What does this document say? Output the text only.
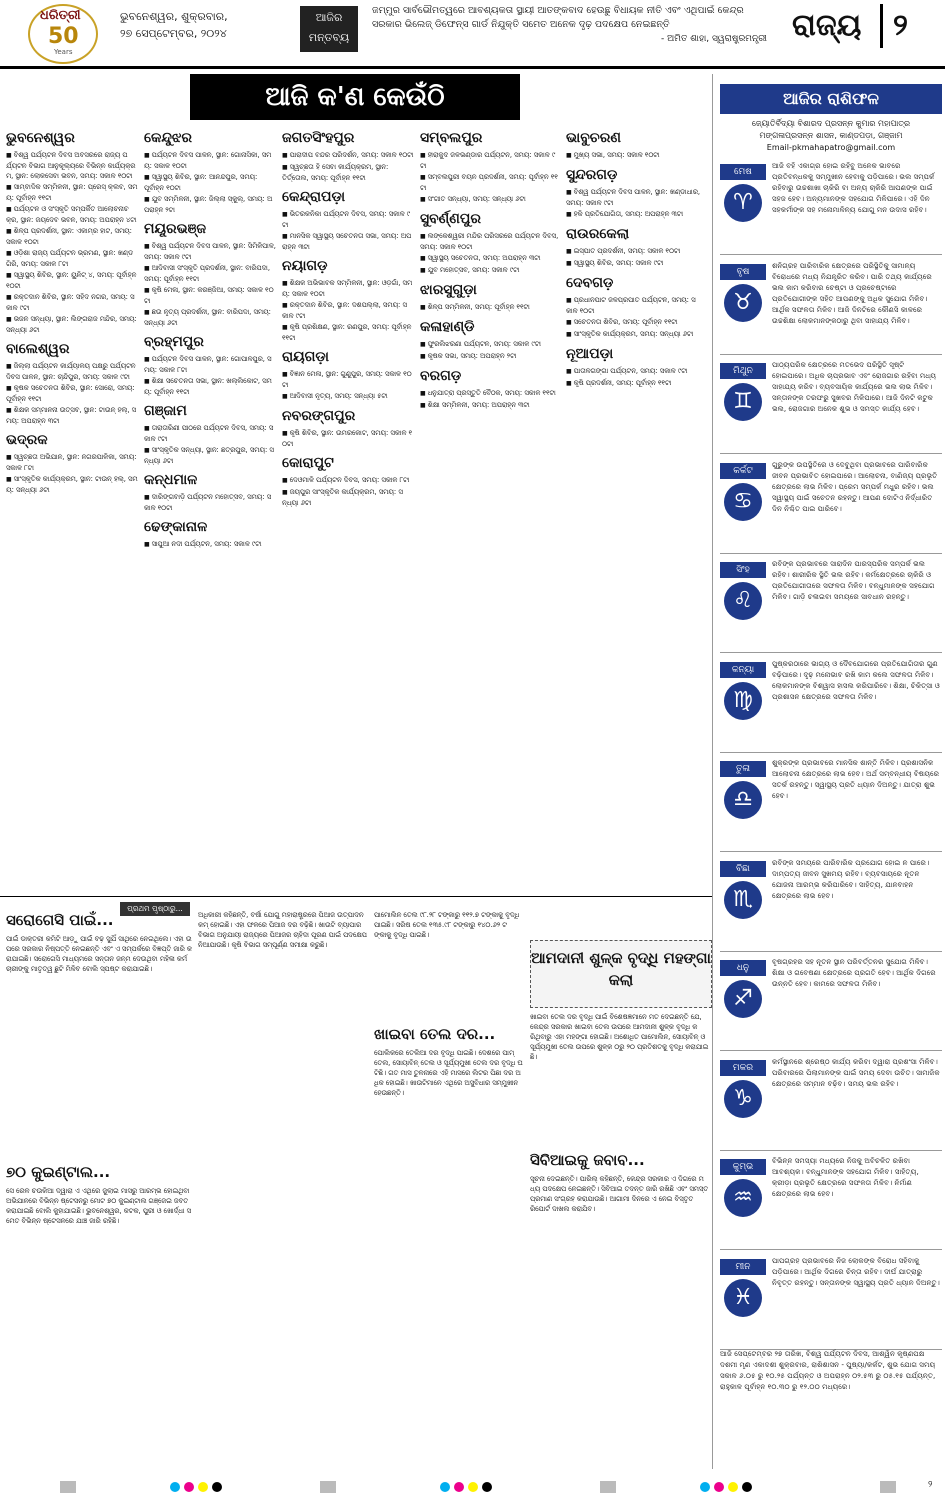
ଧରିତ୍ରୀ
50
Years
ଭୁବନେଶ୍ୱର, ଶୁକ୍ରବାର,
୨୭ ସେପ୍ଟେମ୍ବର, ୨୦୨୪
ଆଜିର ମନ୍ତବ୍ୟ
ଜମ୍ମୁର ସାର୍ବଭୌମତ୍ୱରେ ଆବଶ୍ୟକତା ସ୍ଥାୟୀ ଆତଙ୍କବାଦ ହେଉଛୁ ବିଧାୟକ ନୀତି ଏବଂ ଏଥିପାଇଁ କେନ୍ଦ୍ର ସରକାର ଭିଲେଜ୍ ଡିଫେନ୍ସ ଗାର୍ଡ ନିଯୁକ୍ତି ସମେତ ଅନେକ ଦୃଢ଼ ପଦକ୍ଷେପ ନେଇଛନ୍ତି
- ଅମିତ ଶାହା, ସ୍ୱରାଷ୍ଟ୍ରମନ୍ତ୍ରୀ ରାଜ୍ୟ	୨
ଆଜି କ'ଣ କେଉଁଠି	ଆଜିର ରାଶିଫଳ
ଜ୍ୟୋତିର୍ବିଦ୍ୟା ବିଶାରଦ ପ୍ରସନ୍ନ କୁମାର ମହାପାତ୍ର
ମଙ୍ଗଳାପ୍ରସନ୍ନ ଶାସନ, କାଣ୍ଡପଡ଼ା, ଗଞ୍ଜାମ
Email-pkmahapatro@gmail.com
ଭୁବନେଶ୍ୱର
■ ବିଶ୍ୱ ପର୍ଯ୍ୟଟନ ଦିବସ ଅବସରରେ ରାଜ୍ୟ ପର୍ଯ୍ୟଟନ ବିଭାଗ ଆନୁକୂଲ୍ୟରେ ବିଭିନ୍ନ କାର୍ଯ୍ୟକ୍ରମ, ସ୍ଥାନ: ଲୋକସେବା ଭବନ, ସମୟ: ସକାଳ ୧୦ଟା
■ ସାମ୍ବାଦିକ ସମ୍ମିଳନୀ, ସ୍ଥାନ: ପ୍ରେସ୍ କ୍ଲବ, ସମୟ: ପୂର୍ବାହ୍ନ ୧୧ଟା
■ ପର୍ଯ୍ୟଟନ ଓ ସଂସ୍କୃତି ସମ୍ପର୍କିତ ଆଲୋଚନାଚକ୍ର, ସ୍ଥାନ: ଜୟଦେବ ଭବନ, ସମୟ: ଅପରାହ୍ନ ୪ଟା
■ ଶିଳ୍ପ ପ୍ରଦର୍ଶନୀ, ସ୍ଥାନ: ଏକାମ୍ର ହାଟ, ସମୟ: ସକାଳ ୧୦ଟା
■ ଓଡ଼ିଶା ରାଜ୍ୟ ପର୍ଯ୍ୟଟନ ଭ୍ରମଣ, ସ୍ଥାନ: ଖଣ୍ଡଗିରି, ସମୟ: ସକାଳ ୮ଟା
■ ସ୍ୱାସ୍ଥ୍ୟ ଶିବିର, ସ୍ଥାନ: ୟୁନିଟ୍ ୪, ସମୟ: ପୂର୍ବାହ୍ନ ୧୦ଟା
■ ରକ୍ତଦାନ ଶିବିର, ସ୍ଥାନ: ସହିଦ ନଗର, ସମୟ: ସକାଳ ୯ଟା
■ ଭଜନ ସନ୍ଧ୍ୟା, ସ୍ଥାନ: ଲିଙ୍ଗରାଜ ମନ୍ଦିର, ସମୟ: ସନ୍ଧ୍ୟା ୬ଟା
ବାଲେଶ୍ୱର
■ ଜିଲ୍ଲା ପର୍ଯ୍ୟଟନ କାର୍ଯ୍ୟାଳୟ ପକ୍ଷରୁ ପର୍ଯ୍ୟଟନ ଦିବସ ପାଳନ, ସ୍ଥାନ: ଚାନ୍ଦିପୁର, ସମୟ: ସକାଳ ୯ଟା
■ କୃଷକ ସଚେତନତା ଶିବିର, ସ୍ଥାନ: ସୋରୋ, ସମୟ: ପୂର୍ବାହ୍ନ ୧୧ଟା
■ ଶିକ୍ଷକ ସମ୍ମାନନା ଉତ୍ସବ, ସ୍ଥାନ: ଟାଉନ୍ ହଲ୍, ସମୟ: ଅପରାହ୍ନ ୩ଟା
ଭଦ୍ରକ
■ ସ୍ୱଚ୍ଛତା ଅଭିଯାନ, ସ୍ଥାନ: ନଗରପାଳିକା, ସମୟ: ସକାଳ ୮ଟା
■ ସାଂସ୍କୃତିକ କାର୍ଯ୍ୟକ୍ରମ, ସ୍ଥାନ: ଟାଉନ୍ ହଲ୍, ସମୟ: ସନ୍ଧ୍ୟା ୬ଟା
କେନ୍ଦୁଝର
■ ପର୍ଯ୍ୟଟନ ଦିବସ ପାଳନ, ସ୍ଥାନ: ଗୋନାସିକା, ସମୟ: ସକାଳ ୧୦ଟା
■ ସ୍ୱାସ୍ଥ୍ୟ ଶିବିର, ସ୍ଥାନ: ଆନନ୍ଦପୁର, ସମୟ: ପୂର୍ବାହ୍ନ ୧୦ଟା
■ ଯୁବ ସମ୍ମିଳନୀ, ସ୍ଥାନ: ଜିଲ୍ଲା ସ୍କୁଲ୍, ସମୟ: ଅପରାହ୍ନ ୨ଟା
ମୟୂରଭଞ୍ଜ
■ ବିଶ୍ୱ ପର୍ଯ୍ୟଟନ ଦିବସ ପାଳନ, ସ୍ଥାନ: ସିମିଳିପାଳ, ସମୟ: ସକାଳ ୯ଟା
■ ଆଦିବାସୀ ସଂସ୍କୃତି ପ୍ରଦର୍ଶନୀ, ସ୍ଥାନ: ବାରିପଦା, ସମୟ: ପୂର୍ବାହ୍ନ ୧୧ଟା
■ କୃଷି ମେଳା, ସ୍ଥାନ: କରଞ୍ଜିଆ, ସମୟ: ସକାଳ ୧୦ଟା
■ ଛଉ ନୃତ୍ୟ ପ୍ରଦର୍ଶନୀ, ସ୍ଥାନ: ବାରିପଦା, ସମୟ: ସନ୍ଧ୍ୟା ୬ଟା
ବ୍ରହ୍ମପୁର
■ ପର୍ଯ୍ୟଟନ ଦିବସ ପାଳନ, ସ୍ଥାନ: ଗୋପାଳପୁର, ସମୟ: ସକାଳ ୮ଟା
■ ଶିକ୍ଷା ସଚେତନତା ସଭା, ସ୍ଥାନ: ଖଲ୍ଲିକୋଟ, ସମୟ: ପୂର୍ବାହ୍ନ ୧୧ଟା
ଗଞ୍ଜାମ
■ ତାରାତାରିଣୀ ପୀଠରେ ପର୍ଯ୍ୟଟନ ଦିବସ, ସମୟ: ସକାଳ ୯ଟା
■ ସାଂସ୍କୃତିକ ସନ୍ଧ୍ୟା, ସ୍ଥାନ: ଛତ୍ରପୁର, ସମୟ: ସନ୍ଧ୍ୟା ୬ଟା
କନ୍ଧମାଳ
■ ଦାରିଙ୍ଗବାଡ଼ି ପର୍ଯ୍ୟଟନ ମହୋତ୍ସବ, ସମୟ: ସକାଳ ୧୦ଟା
ଢେଙ୍କାନାଳ
■ ସାପୁଆ ନଦୀ ପର୍ଯ୍ୟଟନ, ସମୟ: ସକାଳ ୯ଟା
ଜଗତସିଂହପୁର
■ ପାରାଦୀପ ବନ୍ଦର ପରିଦର୍ଶନ, ସମୟ: ସକାଳ ୧୦ଟା
■ ସ୍ୱଚ୍ଛତା ହି ସେବା କାର୍ଯ୍ୟକ୍ରମ, ସ୍ଥାନ: ତିର୍ତ୍ତୋଲ, ସମୟ: ପୂର୍ବାହ୍ନ ୧୧ଟା
କେନ୍ଦ୍ରାପଡ଼ା
■ ଭିତରକନିକା ପର୍ଯ୍ୟଟନ ଦିବସ, ସମୟ: ସକାଳ ୯ଟା
■ ମାନସିକ ସ୍ୱାସ୍ଥ୍ୟ ସଚେତନତା ସଭା, ସମୟ: ଅପରାହ୍ନ ୩ଟା
ନୟାଗଡ଼
■ ଶିକ୍ଷକ ଅଭିଭାବକ ସମ୍ମିଳନୀ, ସ୍ଥାନ: ଓଡ଼ଗାଁ, ସମୟ: ସକାଳ ୧୦ଟା
■ ରକ୍ତଦାନ ଶିବିର, ସ୍ଥାନ: ଦଶପଲ୍ଲା, ସମୟ: ସକାଳ ୯ଟା
■ କୃଷି ପ୍ରଶିକ୍ଷଣ, ସ୍ଥାନ: ରଣପୁର, ସମୟ: ପୂର୍ବାହ୍ନ ୧୧ଟା
ରାୟଗଡ଼ା
■ ବିଜ୍ଞାନ ମେଳା, ସ୍ଥାନ: ଗୁଣୁପୁର, ସମୟ: ସକାଳ ୧୦ଟା
■ ଆଦିବାସୀ ନୃତ୍ୟ, ସମୟ: ସନ୍ଧ୍ୟା ୫ଟା
ନବରଙ୍ଗପୁର
■ କୃଷି ଶିବିର, ସ୍ଥାନ: ଉମରକୋଟ, ସମୟ: ସକାଳ ୧୦ଟା
କୋରାପୁଟ
■ ଦେଓମାଳି ପର୍ଯ୍ୟଟନ ଦିବସ, ସମୟ: ସକାଳ ୮ଟା
■ ଜୟପୁର ସାଂସ୍କୃତିକ କାର୍ଯ୍ୟକ୍ରମ, ସମୟ: ସନ୍ଧ୍ୟା ୬ଟା
ସମ୍ବଲପୁର
■ ହୀରାକୁଦ ଜଳଭଣ୍ଡାର ପର୍ଯ୍ୟଟନ, ସମୟ: ସକାଳ ୯ଟା
■ ସମ୍ବଲପୁରୀ ବୟନ ପ୍ରଦର୍ଶନୀ, ସମୟ: ପୂର୍ବାହ୍ନ ୧୧ଟା
■ ସଂଗୀତ ସନ୍ଧ୍ୟା, ସମୟ: ସନ୍ଧ୍ୟା ୬ଟା
ସୁବର୍ଣ୍ଣପୁର
■ ଲଙ୍କେଶ୍ୱରୀ ମନ୍ଦିର ପରିସରରେ ପର୍ଯ୍ୟଟନ ଦିବସ, ସମୟ: ସକାଳ ୧୦ଟା
■ ସ୍ୱାସ୍ଥ୍ୟ ସଚେତନତା, ସମୟ: ଅପରାହ୍ନ ୩ଟା
■ ଯୁବ ମହୋତ୍ସବ, ସମୟ: ସକାଳ ୯ଟା
ଝାରସୁଗୁଡ଼ା
■ ଶିଳ୍ପ ସମ୍ମିଳନୀ, ସମୟ: ପୂର୍ବାହ୍ନ ୧୧ଟା
କଳାହାଣ୍ଡି
■ ଫୁରଲିଝରଣା ପର୍ଯ୍ୟଟନ, ସମୟ: ସକାଳ ୯ଟା
■ କୃଷକ ସଭା, ସମୟ: ଅପରାହ୍ନ ୨ଟା
ବରଗଡ଼
■ ଧନୁଯାତ୍ରା ପ୍ରସ୍ତୁତି ବୈଠକ, ସମୟ: ସକାଳ ୧୧ଟା
■ ଶିକ୍ଷା ସମ୍ମିଳନୀ, ସମୟ: ଅପରାହ୍ନ ୩ଟା
ଭାବୁଚରଣ
■ ମୁଖ୍ୟ ସଭା, ସମୟ: ସକାଳ ୧୦ଟା
ସୁନ୍ଦରଗଡ଼
■ ବିଶ୍ୱ ପର୍ଯ୍ୟଟନ ଦିବସ ପାଳନ, ସ୍ଥାନ: ଖଣ୍ଡାଧାର, ସମୟ: ସକାଳ ୯ଟା
■ ହକି ପ୍ରତିଯୋଗିତା, ସମୟ: ଅପରାହ୍ନ ୩ଟା
ରାଉରକେଲା
■ ଇସ୍ପାତ ପ୍ରଦର୍ଶନୀ, ସମୟ: ସକାଳ ୧୦ଟା
■ ସ୍ୱାସ୍ଥ୍ୟ ଶିବିର, ସମୟ: ସକାଳ ୯ଟା
ଦେବଗଡ଼
■ ପ୍ରଧାନପାଟ ଜଳପ୍ରପାତ ପର୍ଯ୍ୟଟନ, ସମୟ: ସକାଳ ୧୦ଟା
■ ସଚେତନତା ଶିବିର, ସମୟ: ପୂର୍ବାହ୍ନ ୧୧ଟା
■ ସାଂସ୍କୃତିକ କାର୍ଯ୍ୟକ୍ରମ, ସମୟ: ସନ୍ଧ୍ୟା ୬ଟା
ନୂଆପଡ଼ା
■ ପାତାଳଗଙ୍ଗା ପର୍ଯ୍ୟଟନ, ସମୟ: ସକାଳ ୯ଟା
■ କୃଷି ପ୍ରଦର୍ଶନୀ, ସମୟ: ପୂର୍ବାହ୍ନ ୧୧ଟା
ମେଷ
♈
ଆଜି ବହି ଏକାଗ୍ର ହୋଇ ରହିବୁ ଅନେକ ଭାବରେ ପ୍ରତିବନ୍ଧକକୁ ସମ୍ମୁଖୀନ ହେବାକୁ ପଡ଼ିପାରେ। ଭଲ ସମ୍ପର୍କ ରହିବାରୁ ଉଚ୍ଚଶାଖା ଚାକିରି ବା ଅନ୍ୟ ଚାକିରି ଆପଣଙ୍କ ପାଇଁ ସହଜ ହେବ। ଅନ୍ୟମାନଙ୍କ ସହଯୋଗ ମିଳିପାରେ। ଏହି ଦିନ ସହକର୍ମୀଙ୍କ ସହ ମନୋମାଳିନ୍ୟ ଯୋଗୁ ମନ ଉଦାସ ରହିବ।
ବୃଷ
♉
ଶନିଗ୍ରହ ପାରିବାରିକ କ୍ଷେତ୍ରରେ ପରିସ୍ଥିତିକୁ ସାମାନ୍ୟ ବିରୋଧରେ ମଧ୍ୟ ନିଯନ୍ତ୍ରିତ କରିବ। ପାରି ତଥ୍ୟ କାର୍ଯ୍ୟରେ ଭଲ କାମ କରିବାର ଚେଷ୍ଟା ଓ ପ୍ରଚେଷ୍ଟାରେ ପ୍ରତିଯୋଗୀଙ୍କ ସହିତ ଆପଣଙ୍କୁ ଅଧିକ ସୁଯୋଗ ମିଳିବ। ଆର୍ଥିକ ସଫଳତା ମିଳିବ। ଆଜି ଦିନଟିରେ କୌଣସି କାଳରେ ଉଚ୍ଚଶିକ୍ଷା ଲୋକମାନଙ୍କଠାରୁ ଥିବା ସାହାଯ୍ୟ ମିଳିବ।
ମିଥୁନ
♊
ପାଠ୍ୟପରିକ କ୍ଷେତ୍ରରେ ମତଭେଦ ପରିସ୍ଥିତି ସୃଷ୍ଟି ହୋଇପାରେ। ଅଧିକ ଚାପ୍ରଭାବ ଏବଂ ରୋଜଗାର ରହିବା ମଧ୍ୟ ସାହାଯ୍ୟ କରିବ। ବ୍ୟବସାୟିକ କାର୍ଯ୍ୟରେ ଭଲ ଲାଭ ମିଳିବ। ସନ୍ତାନଙ୍କ ତରଫରୁ ସୁଖବର ମିଳିପାରେ। ଆଜି ଦିନଟି କଟୁକ ଭଲ, ରୋଜଗାର ଅନେକ ଶୁଭ ଓ ସମସ୍ତ କାର୍ଯ୍ୟ ହେବ।
କର୍କଟ
♋
ଗୁରୁଙ୍କ ଉପସ୍ଥିତିରେ ଓ ଦେବୁଥିବା ପ୍ରଭାବରେ ପାରିବାରିକ ଜୀବନ ପ୍ରଭାବିତ ହୋଇପାରେ। ଆଲୋଚନା, ବାଣିଜ୍ୟ ପ୍ରଭୃତି କ୍ଷେତ୍ରରେ ଲାଭ ମିଳିବ। ପ୍ରେମ ସମ୍ପର୍କ ମଧୁର ରହିବ। ଭଲ ସ୍ୱାସ୍ଥ୍ୟ ପାଇଁ ସଚେତନ ରହନ୍ତୁ। ଆପଣ ଦୋଟିଏ ନିର୍ଦ୍ଧାରିତ ଦିନ ନିଶ୍ଚିତ ପାଇ ପାରିବେ।
ସିଂହ
♌
ରବିଙ୍କ ପ୍ରଭାବରେ ସାରାଦିନ ପାରସ୍ପରିକ ସମ୍ପର୍କ ଭଲ ରହିବ। ଶାରୀରିକ ସ୍ଥିତି ଭଲ ରହିବ। କର୍ମକ୍ଷେତ୍ରରେ ଚାକିରି ଓ ପ୍ରତିଯୋଗୀତାରେ ସଫଳତା ମିଳିବ। ବନ୍ଧୁମାନଙ୍କ ସହଯୋଗ ମିଳିବ। ଗାଡ଼ି ଚଳାଇବା ସମୟରେ ସାବଧାନ ରହନ୍ତୁ।
କନ୍ୟା
♍
ପୁଷ୍କରଠାରେ ଭାଗ୍ୟ ଓ ଦୈବଯୋଗରେ ପ୍ରତିଯୋଗିତାର ଗୁଣ ବଢ଼ିପାରେ। ଦୃଢ଼ ମନୋଭାବ ରଖି କାମ କଲେ ସଫଳତା ମିଳିବ। ଲୋକମାନଙ୍କ ବିଶ୍ୱାସ ହାସଲ କରିପାରିବେ। ଶିକ୍ଷା, ଚିକିତ୍ସା ଓ ପ୍ରଶାସନ କ୍ଷେତ୍ରରେ ସଫଳତା ମିଳିବ।
ତୁଳା
♎
ଶୁକ୍ରଙ୍କ ପ୍ରଭାବରେ ମାନସିକ ଶାନ୍ତି ମିଳିବ। ପ୍ରଶାସନିକ ଆଲୋଚନା କ୍ଷେତ୍ରରେ ଲାଭ ହେବ। ଅର୍ଥ ସମ୍ବନ୍ଧୀୟ ବିଷୟରେ ସତର୍କ ରହନ୍ତୁ। ସ୍ୱାସ୍ଥ୍ୟ ପ୍ରତି ଧ୍ୟାନ ଦିଅନ୍ତୁ। ଯାତ୍ରା ଶୁଭ ହେବ।
ବିଛା
♏
ରବିଙ୍କ ସମୟରେ ପାରିବାରିକ ପ୍ରଯୋଗ ହୋଇ ନ ପାରେ। ଦାମ୍ପତ୍ୟ ଜୀବନ ସୁଖମୟ ରହିବ। ବ୍ୟବସାୟରେ ନୂତନ ଯୋଜନା ଆରମ୍ଭ କରିପାରିବେ। ସାହିତ୍ୟ, ଯାନବାହନ କ୍ଷେତ୍ରରେ ଲାଭ ହେବ।
ଧନୁ
♐
ବୃଷଗ୍ରହର ସହ ନୂତନ ସ୍ଥାନ ପରିବର୍ତ୍ତନର ସୁଯୋଗ ମିଳିବ। ଶିକ୍ଷା ଓ ଗବେଷଣା କ୍ଷେତ୍ରରେ ପ୍ରଗତି ହେବ। ଆର୍ଥିକ ଦିଗରେ ଉନ୍ନତି ହେବ। କାମରେ ସଫଳତା ମିଳିବ।
ମକର
♑
କର୍ମସ୍ଥାନରେ ଶ୍ରେଷ୍ଠ କାର୍ଯ୍ୟ କରିବା ଦ୍ୱାରା ପ୍ରଶଂସା ମିଳିବ। ପରିବାରରେ ପିଲାମାନଙ୍କ ପାଇଁ ସମୟ ଦେବା ଉଚିତ। ସାମାଜିକ କ୍ଷେତ୍ରରେ ସମ୍ମାନ ବଢ଼ିବ। ସମୟ ଭଲ ରହିବ।
କୁମ୍ଭ
♒
ବିଭିନ୍ନ ସମସ୍ୟା ମଧ୍ୟରେ ନିଜକୁ ଅବିଚଳିତ ରଖିବା ଆବଶ୍ୟକ। ବନ୍ଧୁମାନଙ୍କ ସହଯୋଗ ମିଳିବ। ସାହିତ୍ୟ, କ୍ରୀଡ଼ା ପ୍ରଭୃତି କ୍ଷେତ୍ରରେ ସଫଳତା ମିଳିବ। ନିର୍ମାଣ କ୍ଷେତ୍ରରେ ଲାଭ ହେବ।
ମୀନ
♓
ପାପଗ୍ରହ ପ୍ରଭାବରେ ନିଜ ଲୋକଙ୍କ ବିରୋଧ ସହିବାକୁ ପଡ଼ିପାରେ। ଆର୍ଥିକ ଦିଗରେ ଚିନ୍ତା ରହିବ। ଦୀର୍ଘ ଯାତ୍ରାରୁ ନିବୃତ୍ତ ରହନ୍ତୁ। ସନ୍ତାନଙ୍କ ସ୍ୱାସ୍ଥ୍ୟ ପ୍ରତି ଧ୍ୟାନ ଦିଅନ୍ତୁ।
ଆଜି ସେପ୍ଟେମ୍ବର ୨୭ ତାରିଖ, ବିଶ୍ୱ ପର୍ଯ୍ୟଟନ ଦିବସ, ଆଶ୍ୱିନ କୃଷ୍ଣପକ୍ଷ ଦଶମୀ ମୃଣ ଏକାଦଶୀ ଶୁକ୍ରବାର, ରାଶିଶାସନ - ପୁଷ୍ୟା/କର୍କଟ, ଶୁଭ ଯୋଗ ସମୟ ସକାଳ ୬.୦୫ ରୁ ୧୦.୨୫ ପର୍ଯ୍ୟନ୍ତ ଓ ଅପରାହ୍ନ ୦୨.୫୩ ରୁ ୦୫.୧୫ ପର୍ଯ୍ୟନ୍ତ, ରାହୁକାଳ ପୂର୍ବାହ୍ନ ୧୦.୩୦ ରୁ ୧୨.୦୦ ମଧ୍ୟରେ।
ସରୋଗେସି ପାଇଁ...
ପ୍ରଥମ ପୃଷ୍ଠାରୁ...
ପାଇଁ ଡାକ୍ତରୀ କମିଟି ଆଡ଼ୁ ପାଇଁ ବଢ଼ ସୁଯିଁ ସାଥିରେ ନେଇଥିଲେ। ଏହା ଉପରେ ସରକାର ନିଷ୍ପତ୍ତି ନେଇଛନ୍ତି ଏବଂ ଏ ସମ୍ପର୍କରେ ବିଜ୍ଞପ୍ତି ଜାରି କରାଯାଇଛି। ସରୋଗେସି ମାଧ୍ୟମରେ ସନ୍ତାନ ଜନ୍ମ ଦେଉଥିବା ମହିଳା କର୍ମଚାରୀଙ୍କୁ ମାତୃତ୍ୱ ଛୁଟି ମିଳିବ ବୋଲି ସ୍ପଷ୍ଟ କରାଯାଇଛି।
୭୦ କୁଇଣ୍ଟାଲ...
ସେ ରେଳ ଚଉକିଆ ଦ୍ୱାରା ଏ ଏଥିରେ ଜୁଲାଇ ମାସରୁ ଆରମ୍ଭ ହୋଇଥିବା ଅଭିଯାନରେ ବିଭିନ୍ନ ଷ୍ଟେସନରୁ ମୋଟ ୭୦ କୁଇଣ୍ଟାଲ ଗଞ୍ଜେଇ ଜବତ କରାଯାଇଛି ବୋଲି କୁହାଯାଇଛି। ଭୁବନେଶ୍ୱର, କଟକ, ପୁରୀ ଓ ଖୋର୍ଦ୍ଧା ସମେତ ବିଭିନ୍ନ ଷ୍ଟେସନରେ ଯାଞ୍ଚ ଜାରି ରହିଛି।
ଅଧିକାରୀ କହିଛନ୍ତି, ବର୍ଷା ଯୋଗୁ ମହାରାଷ୍ଟ୍ରରେ ପିଆଜ ଉତ୍ପାଦନ କମ୍ ହୋଇଛି। ଏହା ଫଳରେ ପିଆଜ ଦର ବଢ଼ିଛି। ଖାଉଟି ବ୍ୟାପାର ବିଭାଗ ଅନୁଯାୟୀ ରାଜ୍ୟରେ ପିଆଜର ଚାହିଦା ପୂରଣ ପାଇଁ ପଦକ୍ଷେପ ନିଆଯାଉଛି। କୃଷି ବିଭାଗ ସମ୍ପୂର୍ଣ୍ଣ ସମୀକ୍ଷା କରୁଛି।
ପାମୋଲିନ ତେଲ ୯୮.୨୮ ଟଙ୍କାରୁ ୧୧୨.୭ ଟଙ୍କାକୁ ବୃଦ୍ଧି ପାଇଛି। ସରିଷ ତେଲ ୧୩୫.୯୮ ଟଙ୍କାରୁ ୧୪୦.୬୨ ଟଙ୍କାକୁ ବୃଦ୍ଧି ପାଇଛି।
ଖାଇବା ତେଲ ଦର...
ପୋଲିକରେ ତେଲିଆ ଦର ବୃଦ୍ଧି ପାଇଛି। ଦେଶରେ ପାମ୍ ତେଲ, ସୋୟାବିନ୍ ତେଲ ଓ ସୂର୍ଯ୍ୟମୁଖୀ ତେଲ ଦର ବୃଦ୍ଧି ଘଟିଛି। ଗତ ମାସ ତୁଳନାରେ ଏହି ମାସରେ ଲିଟର ପିଛା ଦର ଅଧିକ ହୋଇଛି। ଖାଉଟିମାନେ ଏଥିରେ ଅସୁବିଧାର ସମ୍ମୁଖୀନ ହେଉଛନ୍ତି।
ଆମଦାନୀ ଶୁଳ୍କ ବୃଦ୍ଧି ମହଙ୍ଗା କଲା
ଖାଇବା ତେଲ ଦର ବୃଦ୍ଧି ପାଇଁ ବିଶେଷଜ୍ଞମାନେ ମତ ଦେଇଛନ୍ତି ଯେ, କେନ୍ଦ୍ର ସରକାର ଖାଇବା ତେଲ ଉପରେ ଆମଦାନୀ ଶୁଳ୍କ ବୃଦ୍ଧି କରିଥିବାରୁ ଏହା ମହଙ୍ଗା ହୋଇଛି। ଅଶୋଧିତ ପାମୋଲିନ, ସୋୟାବିନ୍ ଓ ସୂର୍ଯ୍ୟମୁଖୀ ତେଲ ଉପରେ ଶୁଳ୍କ ୦ରୁ ୨୦ ପ୍ରତିଶତକୁ ବୃଦ୍ଧି କରାଯାଇଛି।
ସିବିଆଇକୁ ଜବାବ...
ସୂଚନା ଦେଇଛନ୍ତି। ପାରିଲ୍ କହିଛନ୍ତି, କେନ୍ଦ୍ର ସରକାର ଏ ଦିଗରେ ମଧ୍ୟ ପଦକ୍ଷେପ ନେଇଛନ୍ତି। ସିବିଆଇ ତଦନ୍ତ ଜାରି ରଖିଛି ଏବଂ ସମସ୍ତ ପ୍ରମାଣ ସଂଗ୍ରହ କରାଯାଉଛି। ଆଗାମୀ ଦିନରେ ଏ ନେଇ ବିସ୍ତୃତ ରିପୋର୍ଟ ଦାଖଲ କରାଯିବ।
୨
